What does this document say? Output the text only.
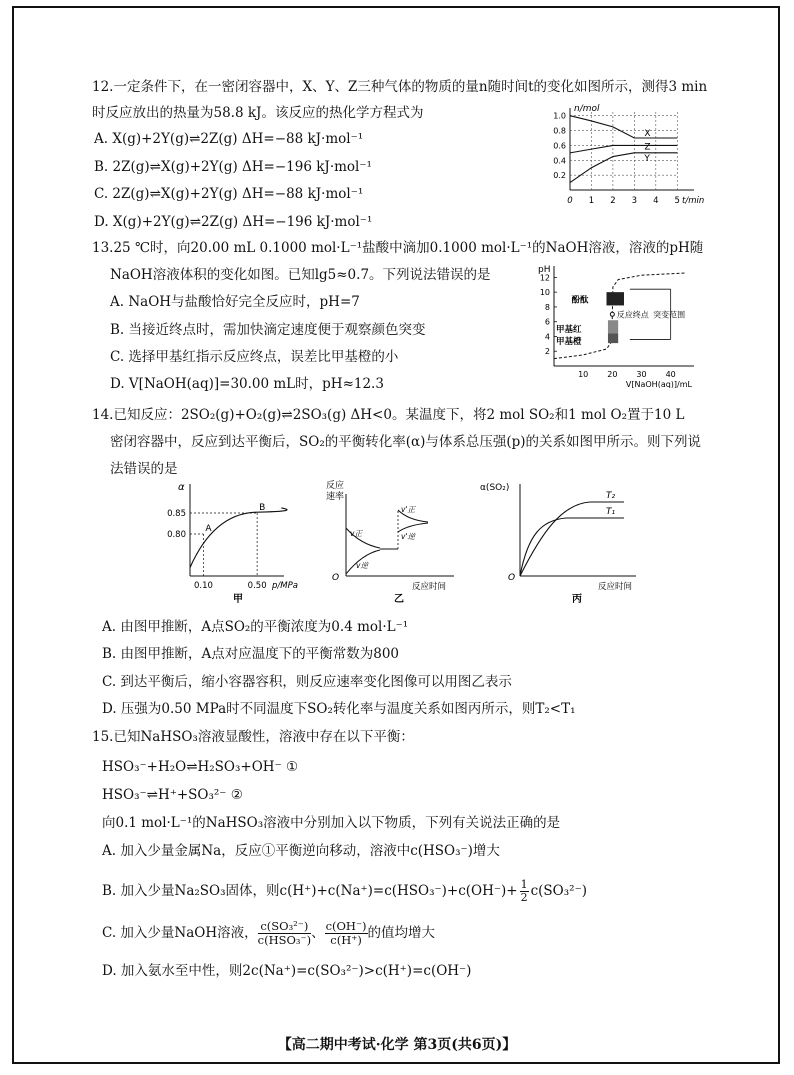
12.一定条件下，在一密闭容器中，X、Y、Z三种气体的物质的量n随时间t的变化如图所示，测得3 min
时反应放出的热量为58.8 kJ。该反应的热化学方程式为
A. X(g)+2Y(g)⇌2Z(g) ΔH=−88 kJ·mol⁻¹
B. 2Z(g)⇌X(g)+2Y(g) ΔH=−196 kJ·mol⁻¹
C. 2Z(g)⇌X(g)+2Y(g) ΔH=−88 kJ·mol⁻¹
D. X(g)+2Y(g)⇌2Z(g) ΔH=−196 kJ·mol⁻¹
n/mol
t/min
0.2
0.4
0.6
0.8
1.0
0 1 2 3 4 5
X
Z
Y
13.25 ℃时，向20.00 mL 0.1000 mol·L⁻¹盐酸中滴加0.1000 mol·L⁻¹的NaOH溶液，溶液的pH随
NaOH溶液体积的变化如图。已知lg5≈0.7。下列说法错误的是
A. NaOH与盐酸恰好完全反应时，pH=7
B. 当接近终点时，需加快滴定速度便于观察颜色突变
C. 选择甲基红指示反应终点，误差比甲基橙的小
D. V[NaOH(aq)]=30.00 mL时，pH≈12.3
pH
V[NaOH(aq)]/mL
2
4
6
8
10
12
10 20 30 40
酚酞
反应终点 突变范围
甲基红
甲基橙
14.已知反应：2SO₂(g)+O₂(g)⇌2SO₃(g) ΔH<0。某温度下，将2 mol SO₂和1 mol O₂置于10 L
密闭容器中，反应到达平衡后，SO₂的平衡转化率(α)与体系总压强(p)的关系如图甲所示。则下列说
法错误的是
α
p/MPa
A
0.80
0.10
B
0.85
0.50
甲
反应
速率
O
反应时间
v正
v逆
v'正
v'逆
乙
α(SO₂)
O
反应时间
T₂
T₁
丙
A. 由图甲推断，A点SO₂的平衡浓度为0.4 mol·L⁻¹
B. 由图甲推断，A点对应温度下的平衡常数为800
C. 到达平衡后，缩小容器容积，则反应速率变化图像可以用图乙表示
D. 压强为0.50 MPa时不同温度下SO₂转化率与温度关系如图丙所示，则T₂<T₁
15.已知NaHSO₃溶液显酸性，溶液中存在以下平衡：
HSO₃⁻+H₂O⇌H₂SO₃+OH⁻ ①
HSO₃⁻⇌H⁺+SO₃²⁻ ②
向0.1 mol·L⁻¹的NaHSO₃溶液中分别加入以下物质，下列有关说法正确的是
A. 加入少量金属Na，反应①平衡逆向移动，溶液中c(HSO₃⁻)增大
B. 加入少量Na₂SO₃固体，则$c(H^+)+c(Na^+)=c(HSO_3^-)+c(OH^-)+ \frac{1}{2} c(SO_3^{2-})$
C. 加入少量NaOH溶液， c(SO₃²⁻)
c(HSO₃⁻) 、 $\frac{c(OH^-)}{c(H^+)}$ 的值均增大
D. 加入氨水至中性，则2c(Na⁺)=c(SO₃²⁻)>c(H⁺)=c(OH⁻)
【高二期中考试·化学 第3页(共6页)】
